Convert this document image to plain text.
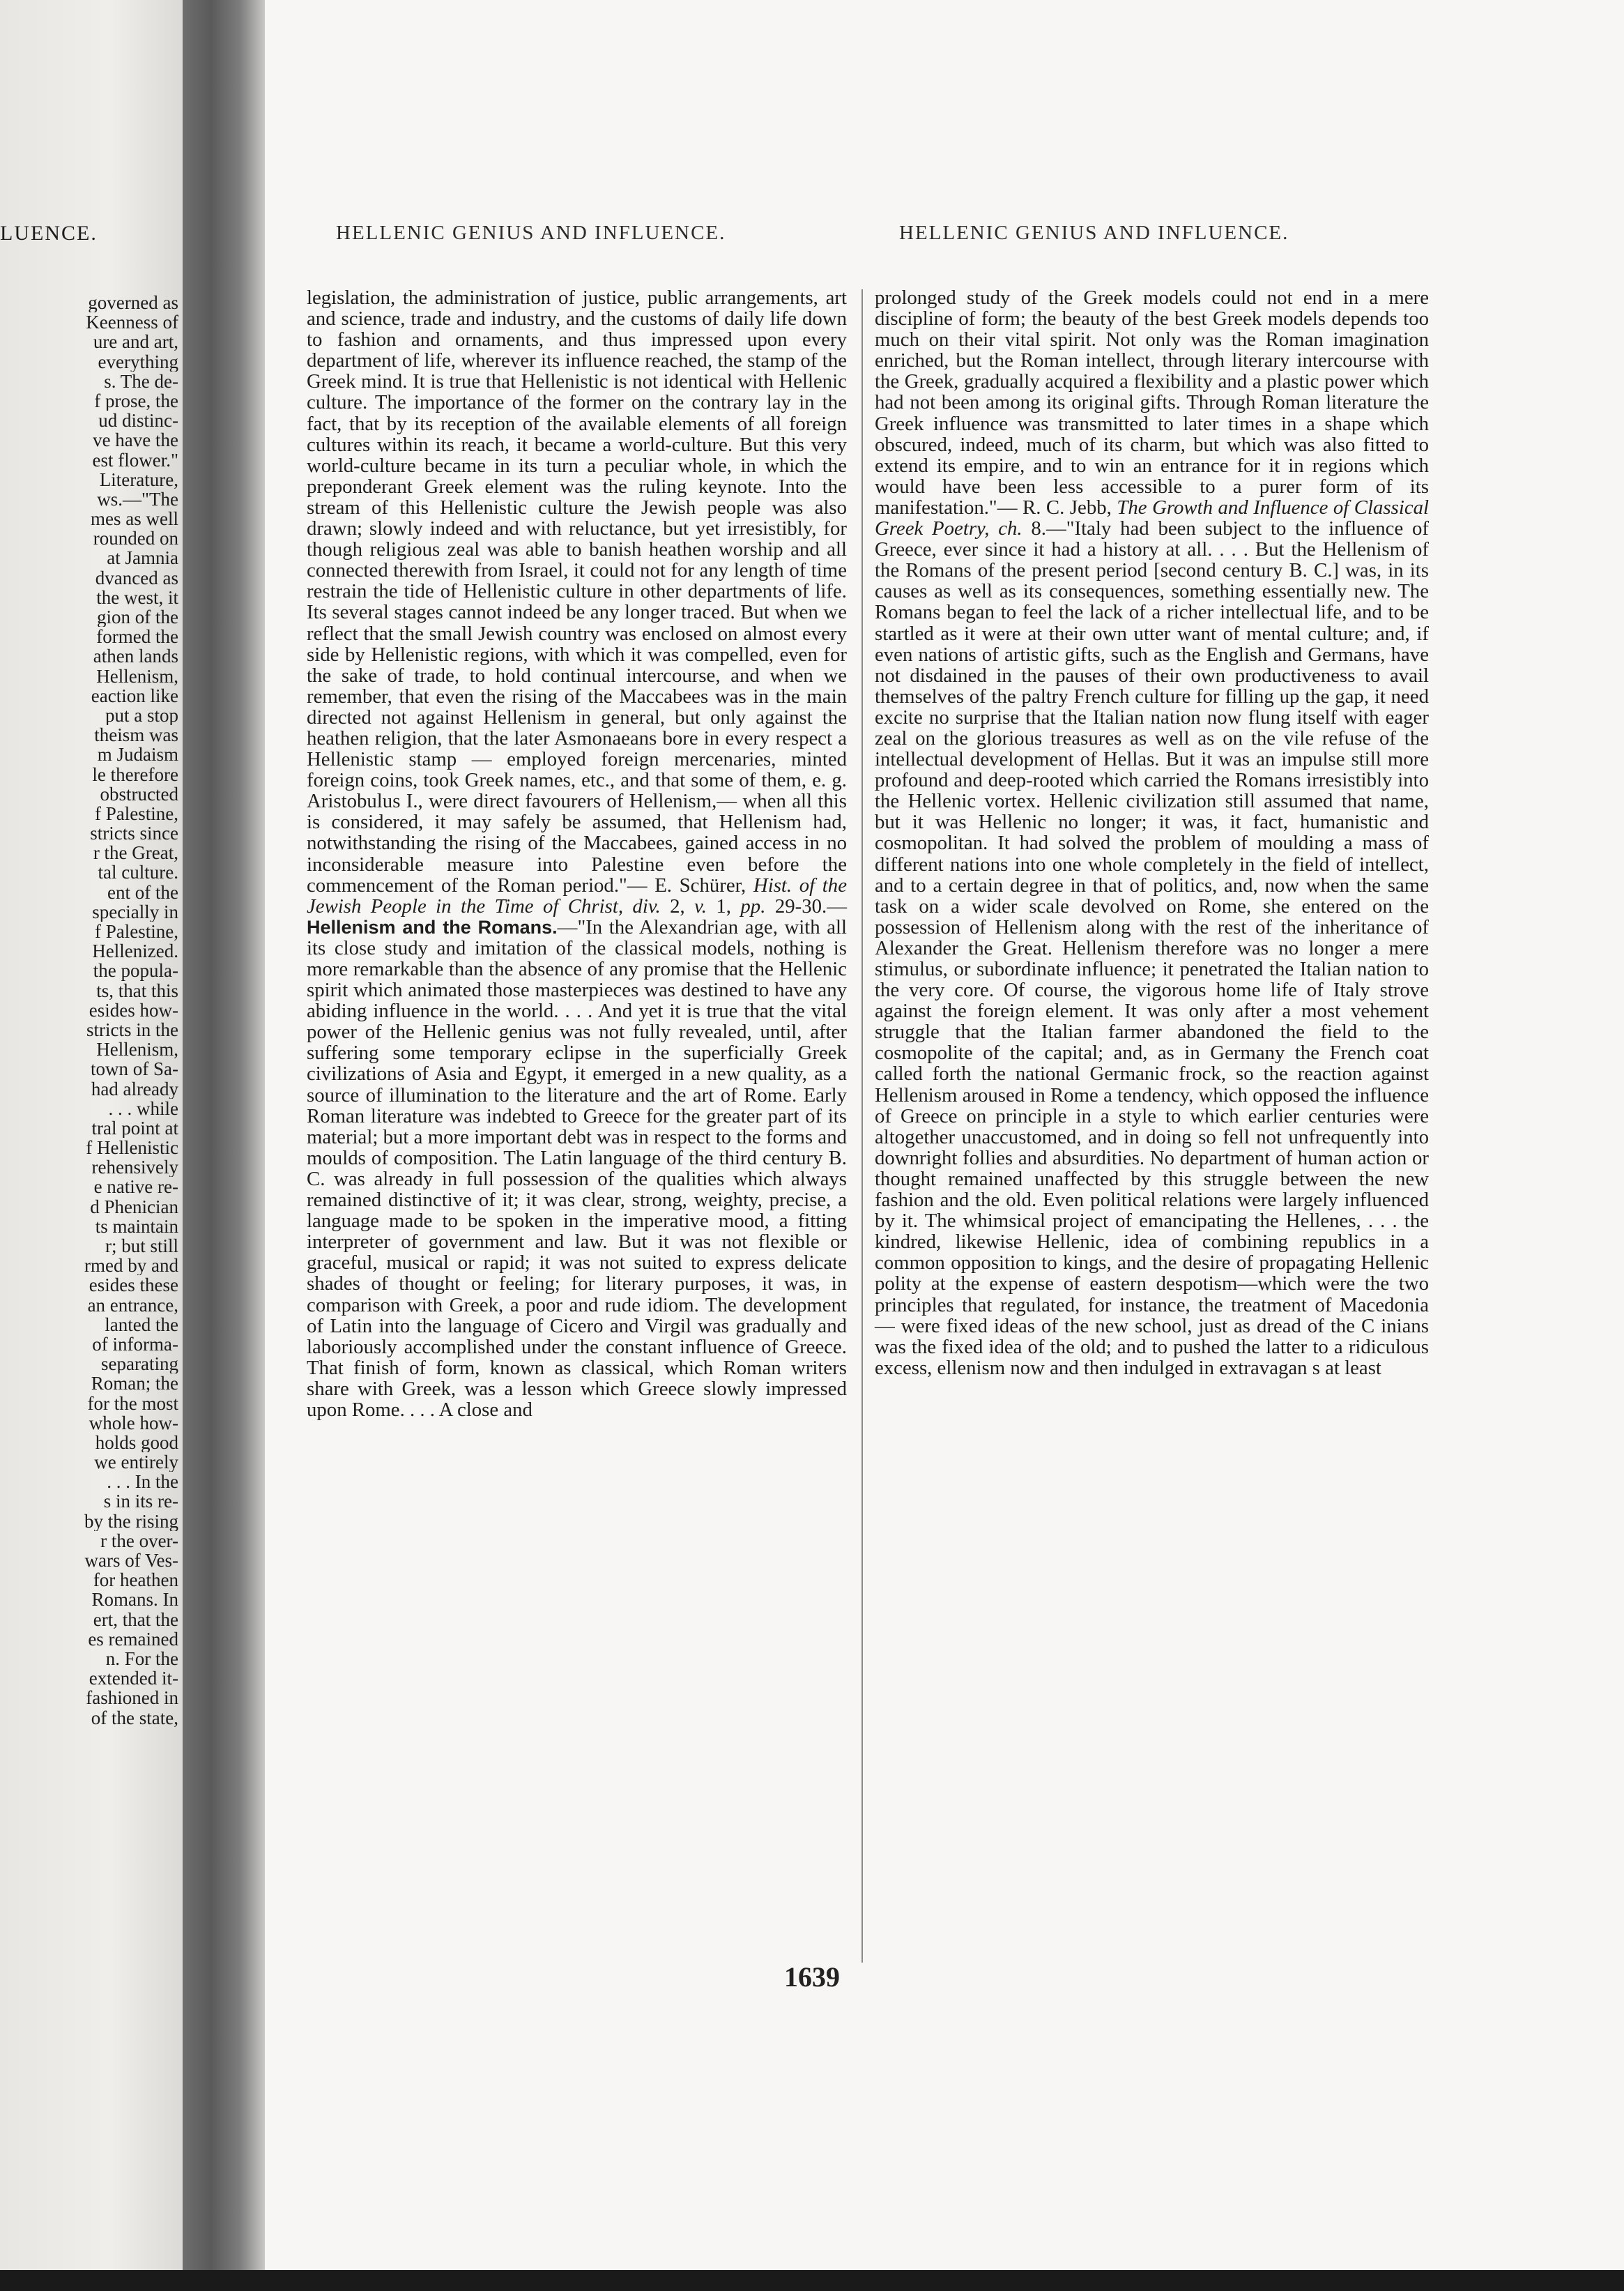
LUENCE.
governed as
Keenness of
ure and art,
everything
s. The de-
f prose, the
ud distinc-
ve have the
est flower."
Literature,
ws.—"The
mes as well
rounded on
at Jamnia
dvanced as
the west, it
gion of the
formed the
athen lands
Hellenism,
eaction like
put a stop
theism was
m Judaism
le therefore
obstructed
f Palestine,
stricts since
r the Great,
tal culture.
ent of the
specially in
f Palestine,
Hellenized.
the popula-
ts, that this
esides how-
stricts in the
Hellenism,
town of Sa-
had already
. . . while
tral point at
f Hellenistic
rehensively
e native re-
d Phenician
ts maintain
r; but still
rmed by and
esides these
an entrance,
lanted the
of informa-
separating
Roman; the
for the most
whole how-
holds good
we entirely
. . . In the
s in its re-
by the rising
r the over-
wars of Ves-
for heathen
Romans. In
ert, that the
es remained
n. For the
extended it-
fashioned in
of the state,
HELLENIC GENIUS AND INFLUENCE.	HELLENIC GENIUS AND INFLUENCE.

legislation, the administration of justice, public arrangements, art and science, trade and industry, and the customs of daily life down to fashion and ornaments, and thus impressed upon every department of life, wherever its influence reached, the stamp of the Greek mind. It is true that Hellenistic is not identical with Hellenic culture. The importance of the former on the contrary lay in the fact, that by its reception of the available elements of all foreign cultures within its reach, it became a world-culture. But this very world-culture became in its turn a peculiar whole, in which the preponderant Greek element was the ruling keynote. Into the stream of this Hellenistic culture the Jewish people was also drawn; slowly indeed and with reluctance, but yet irresistibly, for though religious zeal was able to banish heathen worship and all connected therewith from Israel, it could not for any length of time restrain the tide of Hellenistic culture in other departments of life. Its several stages cannot indeed be any longer traced. But when we reflect that the small Jewish country was enclosed on almost every side by Hellenistic regions, with which it was compelled, even for the sake of trade, to hold continual intercourse, and when we remember, that even the rising of the Maccabees was in the main directed not against Hellenism in general, but only against the heathen religion, that the later Asmonaeans bore in every respect a Hellenistic stamp — employed foreign mercenaries, minted foreign coins, took Greek names, etc., and that some of them, e. g. Aristobulus I., were direct favourers of Hellenism,— when all this is considered, it may safely be assumed, that Hellenism had, notwithstanding the rising of the Maccabees, gained access in no inconsiderable measure into Palestine even before the commencement of the Roman period."— E. Schürer, Hist. of the Jewish People in the Time of Christ, div. 2, v. 1, pp. 29-30.—Hellenism and the Romans.—"In the Alexandrian age, with all its close study and imitation of the classical models, nothing is more remarkable than the absence of any promise that the Hellenic spirit which animated those masterpieces was destined to have any abiding influence in the world. . . . And yet it is true that the vital power of the Hellenic genius was not fully revealed, until, after suffering some temporary eclipse in the superficially Greek civilizations of Asia and Egypt, it emerged in a new quality, as a source of illumination to the literature and the art of Rome. Early Roman literature was indebted to Greece for the greater part of its material; but a more important debt was in respect to the forms and moulds of composition. The Latin language of the third century B. C. was already in full possession of the qualities which always remained distinctive of it; it was clear, strong, weighty, precise, a language made to be spoken in the imperative mood, a fitting interpreter of government and law. But it was not flexible or graceful, musical or rapid; it was not suited to express delicate shades of thought or feeling; for literary purposes, it was, in comparison with Greek, a poor and rude idiom. The development of Latin into the language of Cicero and Virgil was gradually and laboriously accomplished under the constant influence of Greece. That finish of form, known as classical, which Roman writers share with Greek, was a lesson which Greece slowly impressed upon Rome. . . . A close and

prolonged study of the Greek models could not end in a mere discipline of form; the beauty of the best Greek models depends too much on their vital spirit. Not only was the Roman imagination enriched, but the Roman intellect, through literary intercourse with the Greek, gradually acquired a flexibility and a plastic power which had not been among its original gifts. Through Roman literature the Greek influence was transmitted to later times in a shape which obscured, indeed, much of its charm, but which was also fitted to extend its empire, and to win an entrance for it in regions which would have been less accessible to a purer form of its manifestation."— R. C. Jebb, The Growth and Influence of Classical Greek Poetry, ch. 8.—"Italy had been subject to the influence of Greece, ever since it had a history at all. . . . But the Hellenism of the Romans of the present period [second century B. C.] was, in its causes as well as its consequences, something essentially new. The Romans began to feel the lack of a richer intellectual life, and to be startled as it were at their own utter want of mental culture; and, if even nations of artistic gifts, such as the English and Germans, have not disdained in the pauses of their own productiveness to avail themselves of the paltry French culture for filling up the gap, it need excite no surprise that the Italian nation now flung itself with eager zeal on the glorious treasures as well as on the vile refuse of the intellectual development of Hellas. But it was an impulse still more profound and deep-rooted which carried the Romans irresistibly into the Hellenic vortex. Hellenic civilization still assumed that name, but it was Hellenic no longer; it was, it fact, humanistic and cosmopolitan. It had solved the problem of moulding a mass of different nations into one whole completely in the field of intellect, and to a certain degree in that of politics, and, now when the same task on a wider scale devolved on Rome, she entered on the possession of Hellenism along with the rest of the inheritance of Alexander the Great. Hellenism therefore was no longer a mere stimulus, or subordinate influence; it penetrated the Italian nation to the very core. Of course, the vigorous home life of Italy strove against the foreign element. It was only after a most vehement struggle that the Italian farmer abandoned the field to the cosmopolite of the capital; and, as in Germany the French coat called forth the national Germanic frock, so the reaction against Hellenism aroused in Rome a tendency, which opposed the influence of Greece on principle in a style to which earlier centuries were altogether unaccustomed, and in doing so fell not unfrequently into downright follies and absurdities. No department of human action or thought remained unaffected by this struggle between the new fashion and the old. Even political relations were largely influenced by it. The whimsical project of emancipating the Hellenes, . . . the kindred, likewise Hellenic, idea of combining republics in a common opposition to kings, and the desire of propagating Hellenic polity at the expense of eastern despotism—which were the two principles that regulated, for instance, the treatment of Macedonia — were fixed ideas of the new school, just as dread of the C inians was the fixed idea of the old; and to pushed the latter to a ridiculous excess, ellenism now and then indulged in extravagan s at least

1639
